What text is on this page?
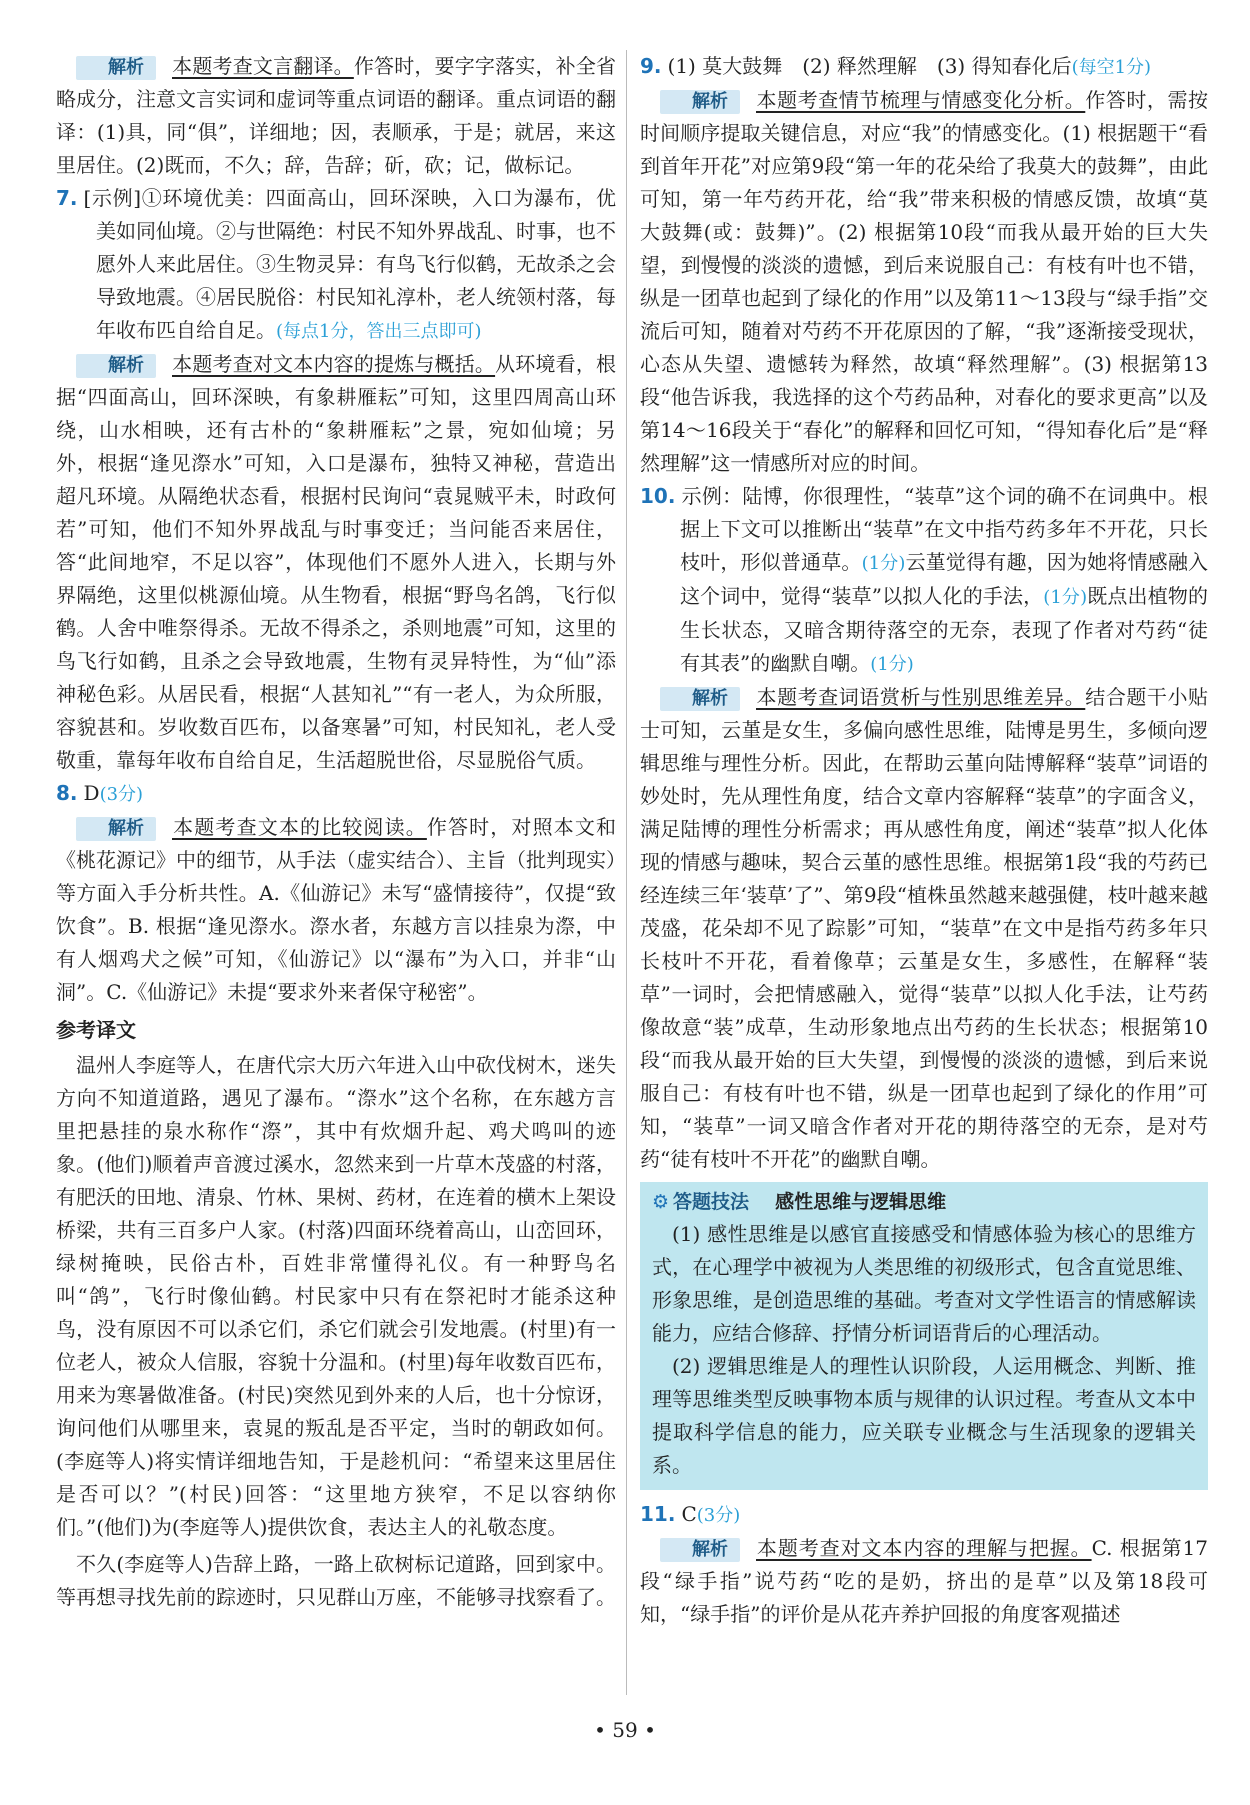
解析 本题考查文言翻译。作答时，要字字落实，补全省略成分，注意文言实词和虚词等重点词语的翻译。重点词语的翻译：(1)具，同“俱”，详细地；因，表顺承，于是；就居，来这里居住。(2)既而，不久；辞，告辞；斫，砍；记，做标记。

7. [示例]①环境优美：四面高山，回环深映，入口为瀑布，优美如同仙境。②与世隔绝：村民不知外界战乱、时事，也不愿外人来此居住。③生物灵异：有鸟飞行似鹤，无故杀之会导致地震。④居民脱俗：村民知礼淳朴，老人统领村落，每年收布匹自给自足。(每点1分，答出三点即可)

解析 本题考查对文本内容的提炼与概括。从环境看，根据“四面高山，回环深映，有象耕雁耘”可知，这里四周高山环绕，山水相映，还有古朴的“象耕雁耘”之景，宛如仙境；另外，根据“逢见漈水”可知，入口是瀑布，独特又神秘，营造出超凡环境。从隔绝状态看，根据村民询问“袁晁贼平未，时政何若”可知，他们不知外界战乱与时事变迁；当问能否来居住，答“此间地窄，不足以容”，体现他们不愿外人进入，长期与外界隔绝，这里似桃源仙境。从生物看，根据“野鸟名鸽，飞行似鹤。人舍中唯祭得杀。无故不得杀之，杀则地震”可知，这里的鸟飞行如鹤，且杀之会导致地震，生物有灵异特性，为“仙”添神秘色彩。从居民看，根据“人甚知礼”“有一老人，为众所服，容貌甚和。岁收数百匹布，以备寒暑”可知，村民知礼，老人受敬重，靠每年收布自给自足，生活超脱世俗，尽显脱俗气质。

8. D(3分)

解析 本题考查文本的比较阅读。作答时，对照本文和《桃花源记》中的细节，从手法（虚实结合）、主旨（批判现实）等方面入手分析共性。A.《仙游记》未写“盛情接待”，仅提“致饮食”。B. 根据“逢见漈水。漈水者，东越方言以挂泉为漈，中有人烟鸡犬之候”可知，《仙游记》以“瀑布”为入口，并非“山洞”。C.《仙游记》未提“要求外来者保守秘密”。

参考译文

温州人李庭等人，在唐代宗大历六年进入山中砍伐树木，迷失方向不知道道路，遇见了瀑布。“漈水”这个名称，在东越方言里把悬挂的泉水称作“漈”，其中有炊烟升起、鸡犬鸣叫的迹象。(他们)顺着声音渡过溪水，忽然来到一片草木茂盛的村落，有肥沃的田地、清泉、竹林、果树、药材，在连着的横木上架设桥梁，共有三百多户人家。(村落)四面环绕着高山，山峦回环，绿树掩映，民俗古朴，百姓非常懂得礼仪。有一种野鸟名叫“鸽”，飞行时像仙鹤。村民家中只有在祭祀时才能杀这种鸟，没有原因不可以杀它们，杀它们就会引发地震。(村里)有一位老人，被众人信服，容貌十分温和。(村里)每年收数百匹布，用来为寒暑做准备。(村民)突然见到外来的人后，也十分惊讶，询问他们从哪里来，袁晁的叛乱是否平定，当时的朝政如何。(李庭等人)将实情详细地告知，于是趁机问：“希望来这里居住是否可以？”(村民)回答：“这里地方狭窄，不足以容纳你们。”(他们)为(李庭等人)提供饮食，表达主人的礼敬态度。

不久(李庭等人)告辞上路，一路上砍树标记道路，回到家中。等再想寻找先前的踪迹时，只见群山万座，不能够寻找察看了。

9. (1) 莫大鼓舞　(2) 释然理解　(3) 得知春化后(每空1分)

解析 本题考查情节梳理与情感变化分析。作答时，需按时间顺序提取关键信息，对应“我”的情感变化。(1) 根据题干“看到首年开花”对应第9段“第一年的花朵给了我莫大的鼓舞”，由此可知，第一年芍药开花，给“我”带来积极的情感反馈，故填“莫大鼓舞(或：鼓舞)”。(2) 根据第10段“而我从最开始的巨大失望，到慢慢的淡淡的遗憾，到后来说服自己：有枝有叶也不错，纵是一团草也起到了绿化的作用”以及第11～13段与“绿手指”交流后可知，随着对芍药不开花原因的了解，“我”逐渐接受现状，心态从失望、遗憾转为释然，故填“释然理解”。(3) 根据第13段“他告诉我，我选择的这个芍药品种，对春化的要求更高”以及第14～16段关于“春化”的解释和回忆可知，“得知春化后”是“释然理解”这一情感所对应的时间。

10. 示例：陆博，你很理性，“装草”这个词的确不在词典中。根据上下文可以推断出“装草”在文中指芍药多年不开花，只长枝叶，形似普通草。(1分)云堇觉得有趣，因为她将情感融入这个词中，觉得“装草”以拟人化的手法，(1分)既点出植物的生长状态，又暗含期待落空的无奈，表现了作者对芍药“徒有其表”的幽默自嘲。(1分)

解析 本题考查词语赏析与性别思维差异。结合题干小贴士可知，云堇是女生，多偏向感性思维，陆博是男生，多倾向逻辑思维与理性分析。因此，在帮助云堇向陆博解释“装草”词语的妙处时，先从理性角度，结合文章内容解释“装草”的字面含义，满足陆博的理性分析需求；再从感性角度，阐述“装草”拟人化体现的情感与趣味，契合云堇的感性思维。根据第1段“我的芍药已经连续三年‘装草’了”、第9段“植株虽然越来越强健，枝叶越来越茂盛，花朵却不见了踪影”可知，“装草”在文中是指芍药多年只长枝叶不开花，看着像草；云堇是女生，多感性，在解释“装草”一词时，会把情感融入，觉得“装草”以拟人化手法，让芍药像故意“装”成草，生动形象地点出芍药的生长状态；根据第10段“而我从最开始的巨大失望，到慢慢的淡淡的遗憾，到后来说服自己：有枝有叶也不错，纵是一团草也起到了绿化的作用”可知，“装草”一词又暗含作者对开花的期待落空的无奈，是对芍药“徒有枝叶不开花”的幽默自嘲。

⚙ 答题技法 感性思维与逻辑思维

(1) 感性思维是以感官直接感受和情感体验为核心的思维方式，在心理学中被视为人类思维的初级形式，包含直觉思维、形象思维，是创造思维的基础。考查对文学性语言的情感解读能力，应结合修辞、抒情分析词语背后的心理活动。

(2) 逻辑思维是人的理性认识阶段，人运用概念、判断、推理等思维类型反映事物本质与规律的认识过程。考查从文本中提取科学信息的能力，应关联专业概念与生活现象的逻辑关系。

11. C(3分)

解析 本题考查对文本内容的理解与把握。C. 根据第17段“绿手指”说芍药“吃的是奶，挤出的是草”以及第18段可知，“绿手指”的评价是从花卉养护回报的角度客观描述

• 59 •
